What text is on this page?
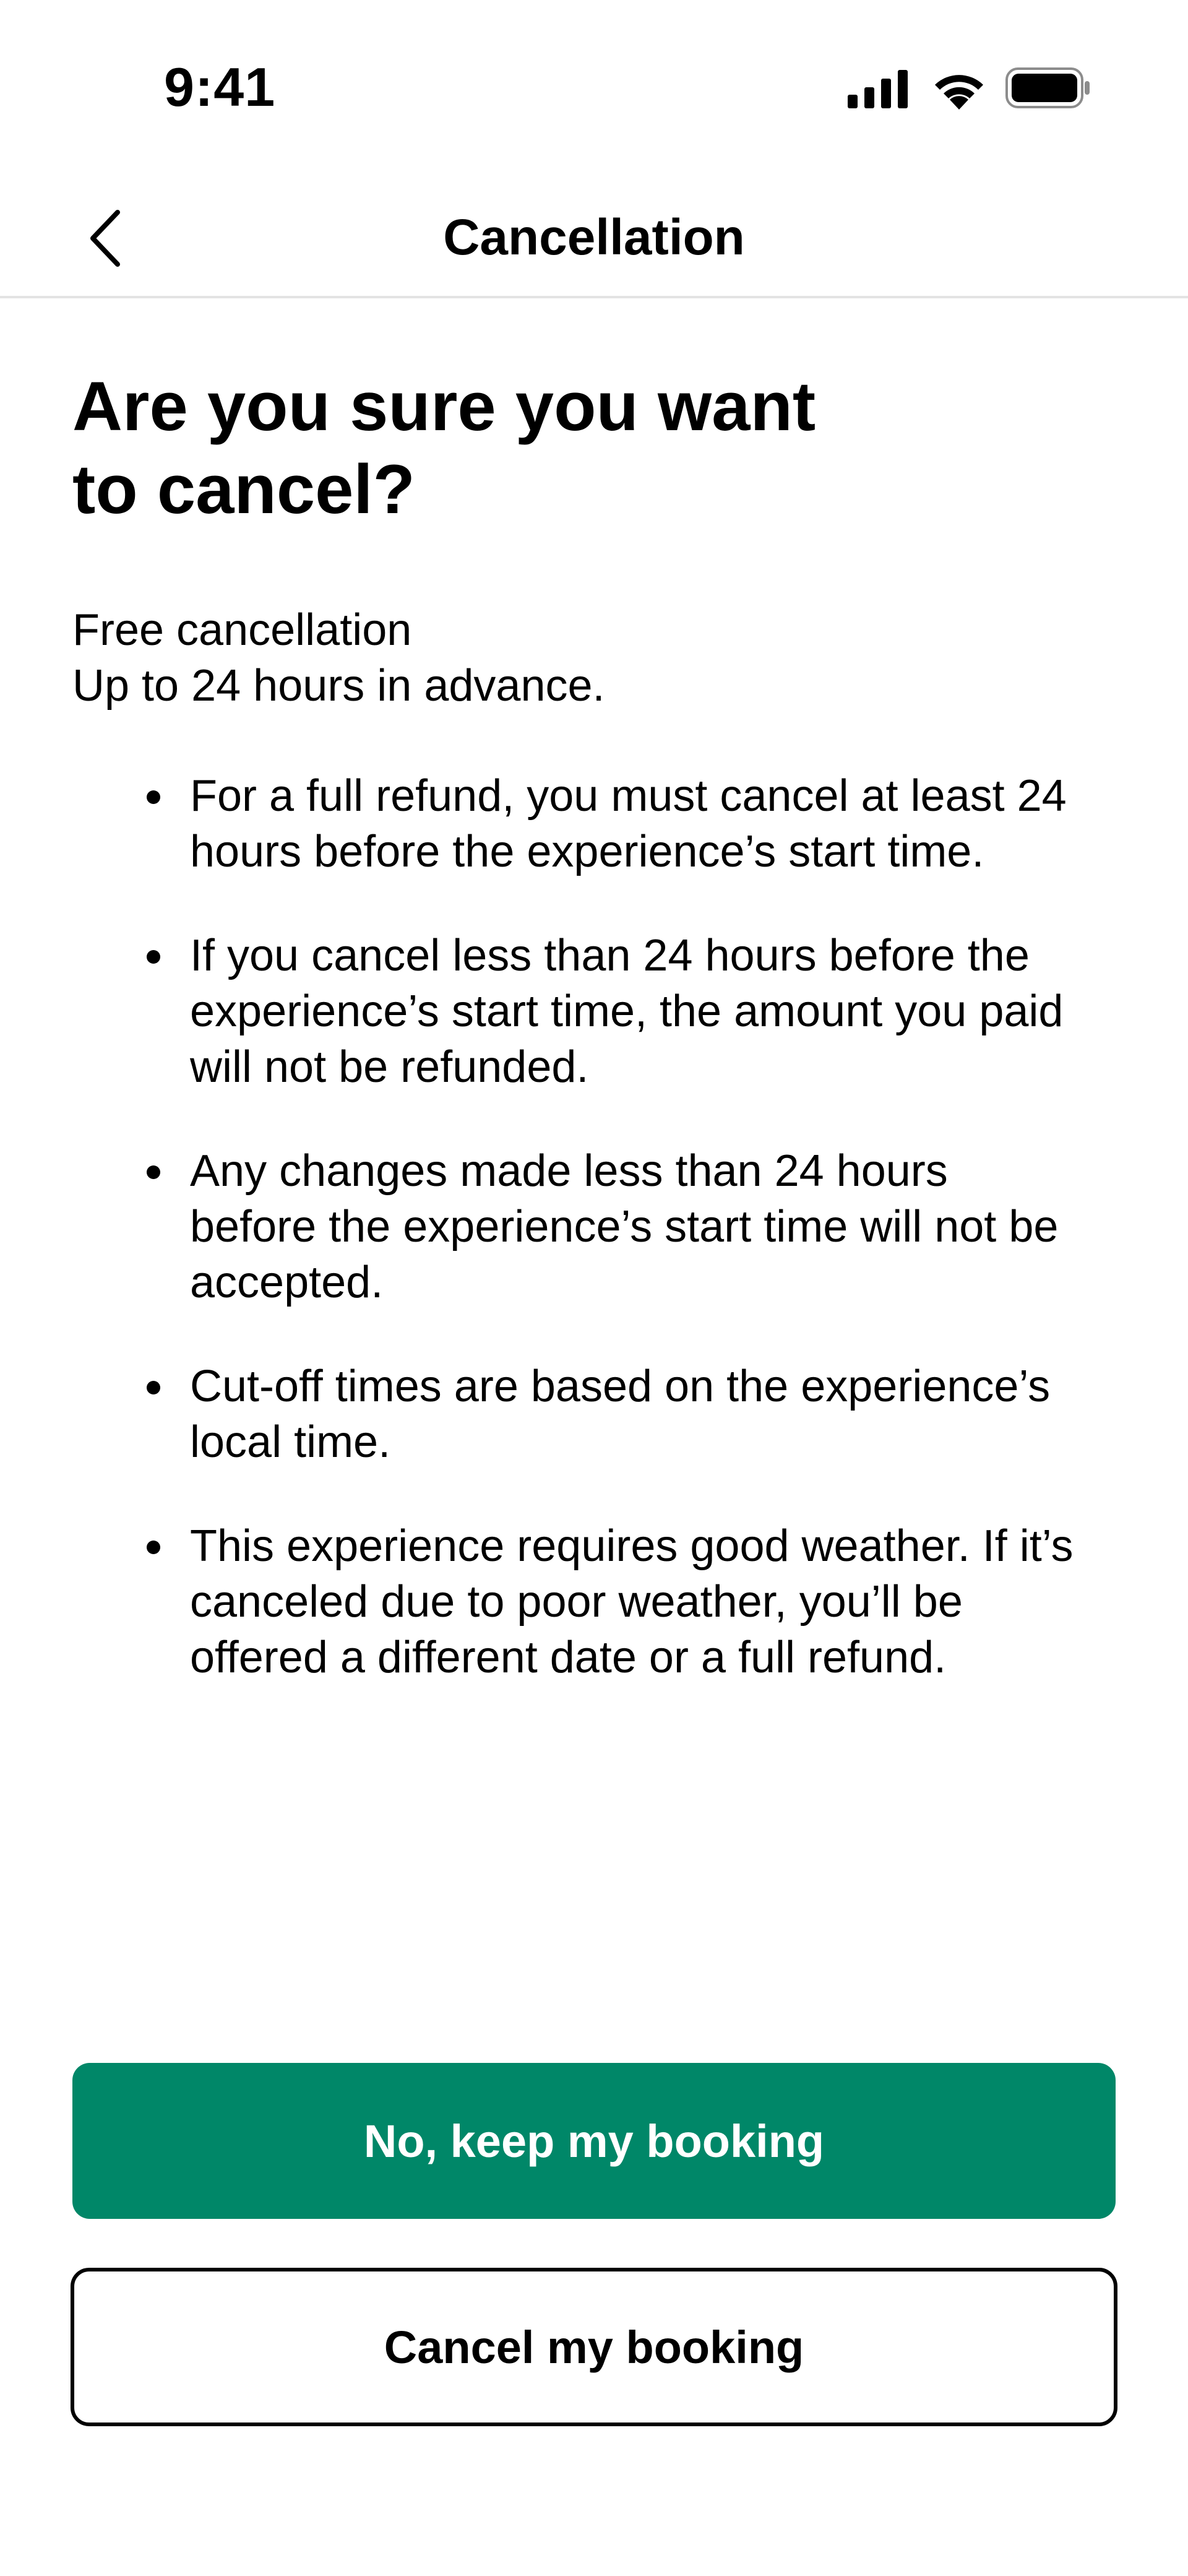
9:41
Cancellation
Are you sure you want to cancel?
Free cancellation
Up to 24 hours in advance.
For a full refund, you must cancel at least 24 hours before the experience’s start time.
If you cancel less than 24 hours before the experience’s start time, the amount you paid will not be refunded.
Any changes made less than 24 hours before the experience’s start time will not be accepted.
Cut-off times are based on the experience’s local time.
This experience requires good weather. If it’s canceled due to poor weather, you’ll be offered a different date or a full refund.
No, keep my booking
Cancel my booking
